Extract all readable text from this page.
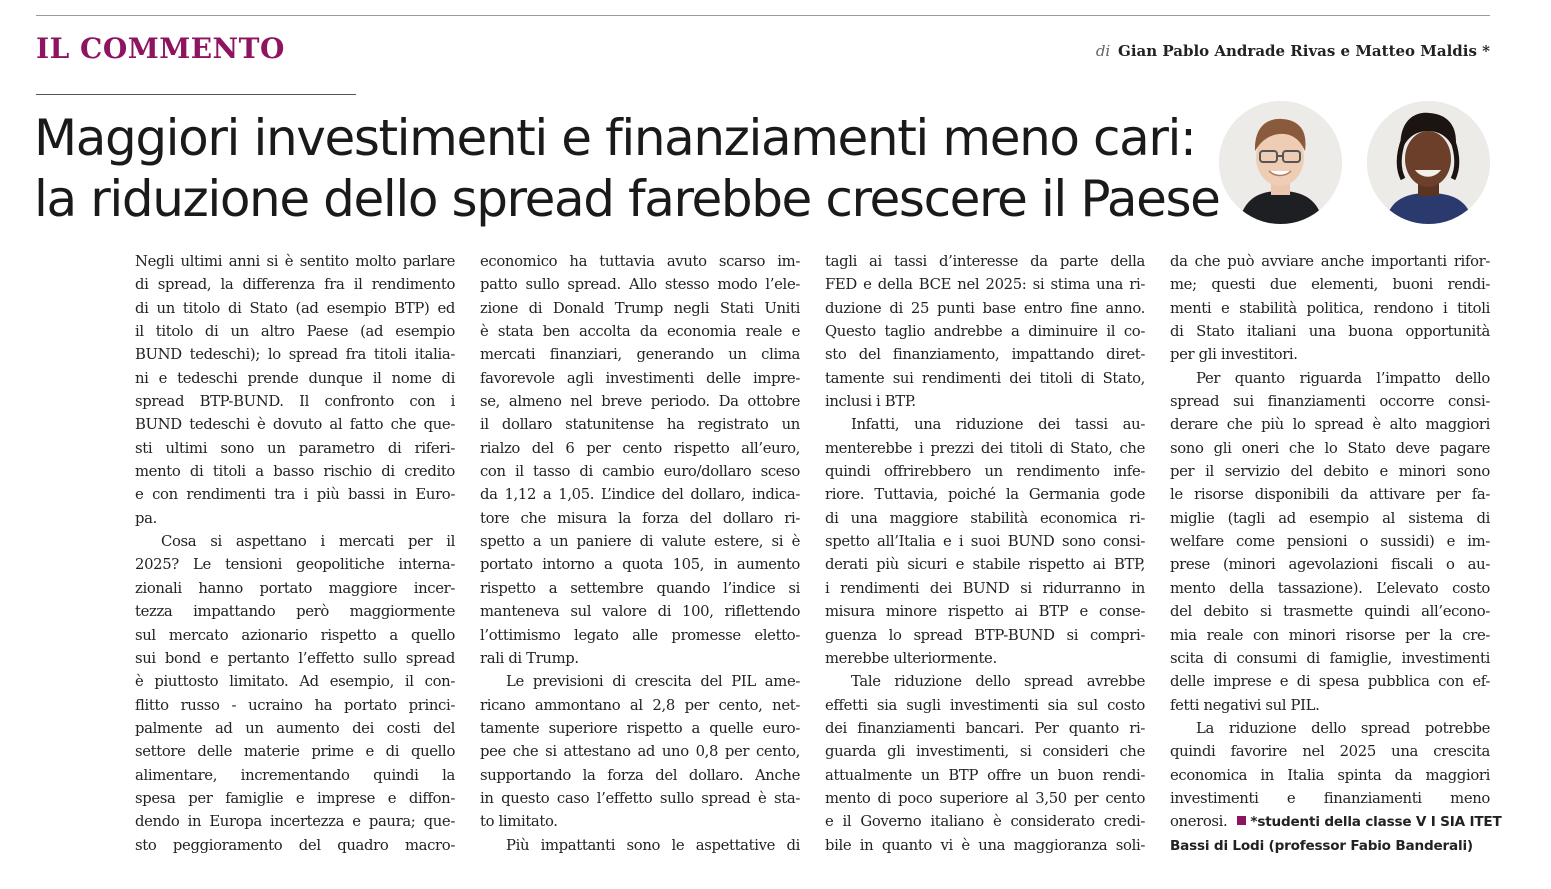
IL COMMENTO	di Gian Pablo Andrade Rivas e Matteo Maldis *
Maggiori investimenti e finanziamenti meno cari:
la riduzione dello spread farebbe crescere il Paese
Negli ultimi anni si è sentito molto parlare
di spread, la differenza fra il rendimento
di un titolo di Stato (ad esempio BTP) ed
il titolo di un altro Paese (ad esempio
BUND tedeschi); lo spread fra titoli italia-
ni e tedeschi prende dunque il nome di
spread BTP-BUND. Il confronto con i
BUND tedeschi è dovuto al fatto che que-
sti ultimi sono un parametro di riferi-
mento di titoli a basso rischio di credito
e con rendimenti tra i più bassi in Euro-
pa.
Cosa si aspettano i mercati per il
2025? Le tensioni geopolitiche interna-
zionali hanno portato maggiore incer-
tezza impattando però maggiormente
sul mercato azionario rispetto a quello
sui bond e pertanto l’effetto sullo spread
è piuttosto limitato. Ad esempio, il con-
flitto russo - ucraino ha portato princi-
palmente ad un aumento dei costi del
settore delle materie prime e di quello
alimentare, incrementando quindi la
spesa per famiglie e imprese e diffon-
dendo in Europa incertezza e paura; que-
sto peggioramento del quadro macro-
economico ha tuttavia avuto scarso im-
patto sullo spread. Allo stesso modo l’ele-
zione di Donald Trump negli Stati Uniti
è stata ben accolta da economia reale e
mercati finanziari, generando un clima
favorevole agli investimenti delle impre-
se, almeno nel breve periodo. Da ottobre
il dollaro statunitense ha registrato un
rialzo del 6 per cento rispetto all’euro,
con il tasso di cambio euro/dollaro sceso
da 1,12 a 1,05. L’indice del dollaro, indica-
tore che misura la forza del dollaro ri-
spetto a un paniere di valute estere, si è
portato intorno a quota 105, in aumento
rispetto a settembre quando l’indice si
manteneva sul valore di 100, riflettendo
l’ottimismo legato alle promesse eletto-
rali di Trump.
Le previsioni di crescita del PIL ame-
ricano ammontano al 2,8 per cento, net-
tamente superiore rispetto a quelle euro-
pee che si attestano ad uno 0,8 per cento,
supportando la forza del dollaro. Anche
in questo caso l’effetto sullo spread è sta-
to limitato.
Più impattanti sono le aspettative di
tagli ai tassi d’interesse da parte della
FED e della BCE nel 2025: si stima una ri-
duzione di 25 punti base entro fine anno.
Questo taglio andrebbe a diminuire il co-
sto del finanziamento, impattando diret-
tamente sui rendimenti dei titoli di Stato,
inclusi i BTP.
Infatti, una riduzione dei tassi au-
menterebbe i prezzi dei titoli di Stato, che
quindi offrirebbero un rendimento infe-
riore. Tuttavia, poiché la Germania gode
di una maggiore stabilità economica ri-
spetto all’Italia e i suoi BUND sono consi-
derati più sicuri e stabile rispetto ai BTP,
i rendimenti dei BUND si ridurranno in
misura minore rispetto ai BTP e conse-
guenza lo spread BTP-BUND si compri-
merebbe ulteriormente.
Tale riduzione dello spread avrebbe
effetti sia sugli investimenti sia sul costo
dei finanziamenti bancari. Per quanto ri-
guarda gli investimenti, si consideri che
attualmente un BTP offre un buon rendi-
mento di poco superiore al 3,50 per cento
e il Governo italiano è considerato credi-
bile in quanto vi è una maggioranza soli-
da che può avviare anche importanti rifor-
me; questi due elementi, buoni rendi-
menti e stabilità politica, rendono i titoli
di Stato italiani una buona opportunità
per gli investitori.
Per quanto riguarda l’impatto dello
spread sui finanziamenti occorre consi-
derare che più lo spread è alto maggiori
sono gli oneri che lo Stato deve pagare
per il servizio del debito e minori sono
le risorse disponibili da attivare per fa-
miglie (tagli ad esempio al sistema di
welfare come pensioni o sussidi) e im-
prese (minori agevolazioni fiscali o au-
mento della tassazione). L’elevato costo
del debito si trasmette quindi all’econo-
mia reale con minori risorse per la cre-
scita di consumi di famiglie, investimenti
delle imprese e di spesa pubblica con ef-
fetti negativi sul PIL.
La riduzione dello spread potrebbe
quindi favorire nel 2025 una crescita
economica in Italia spinta da maggiori
investimenti e finanziamenti meno
onerosi. *studenti della classe V I SIA ITET
Bassi di Lodi (professor Fabio Banderali)
